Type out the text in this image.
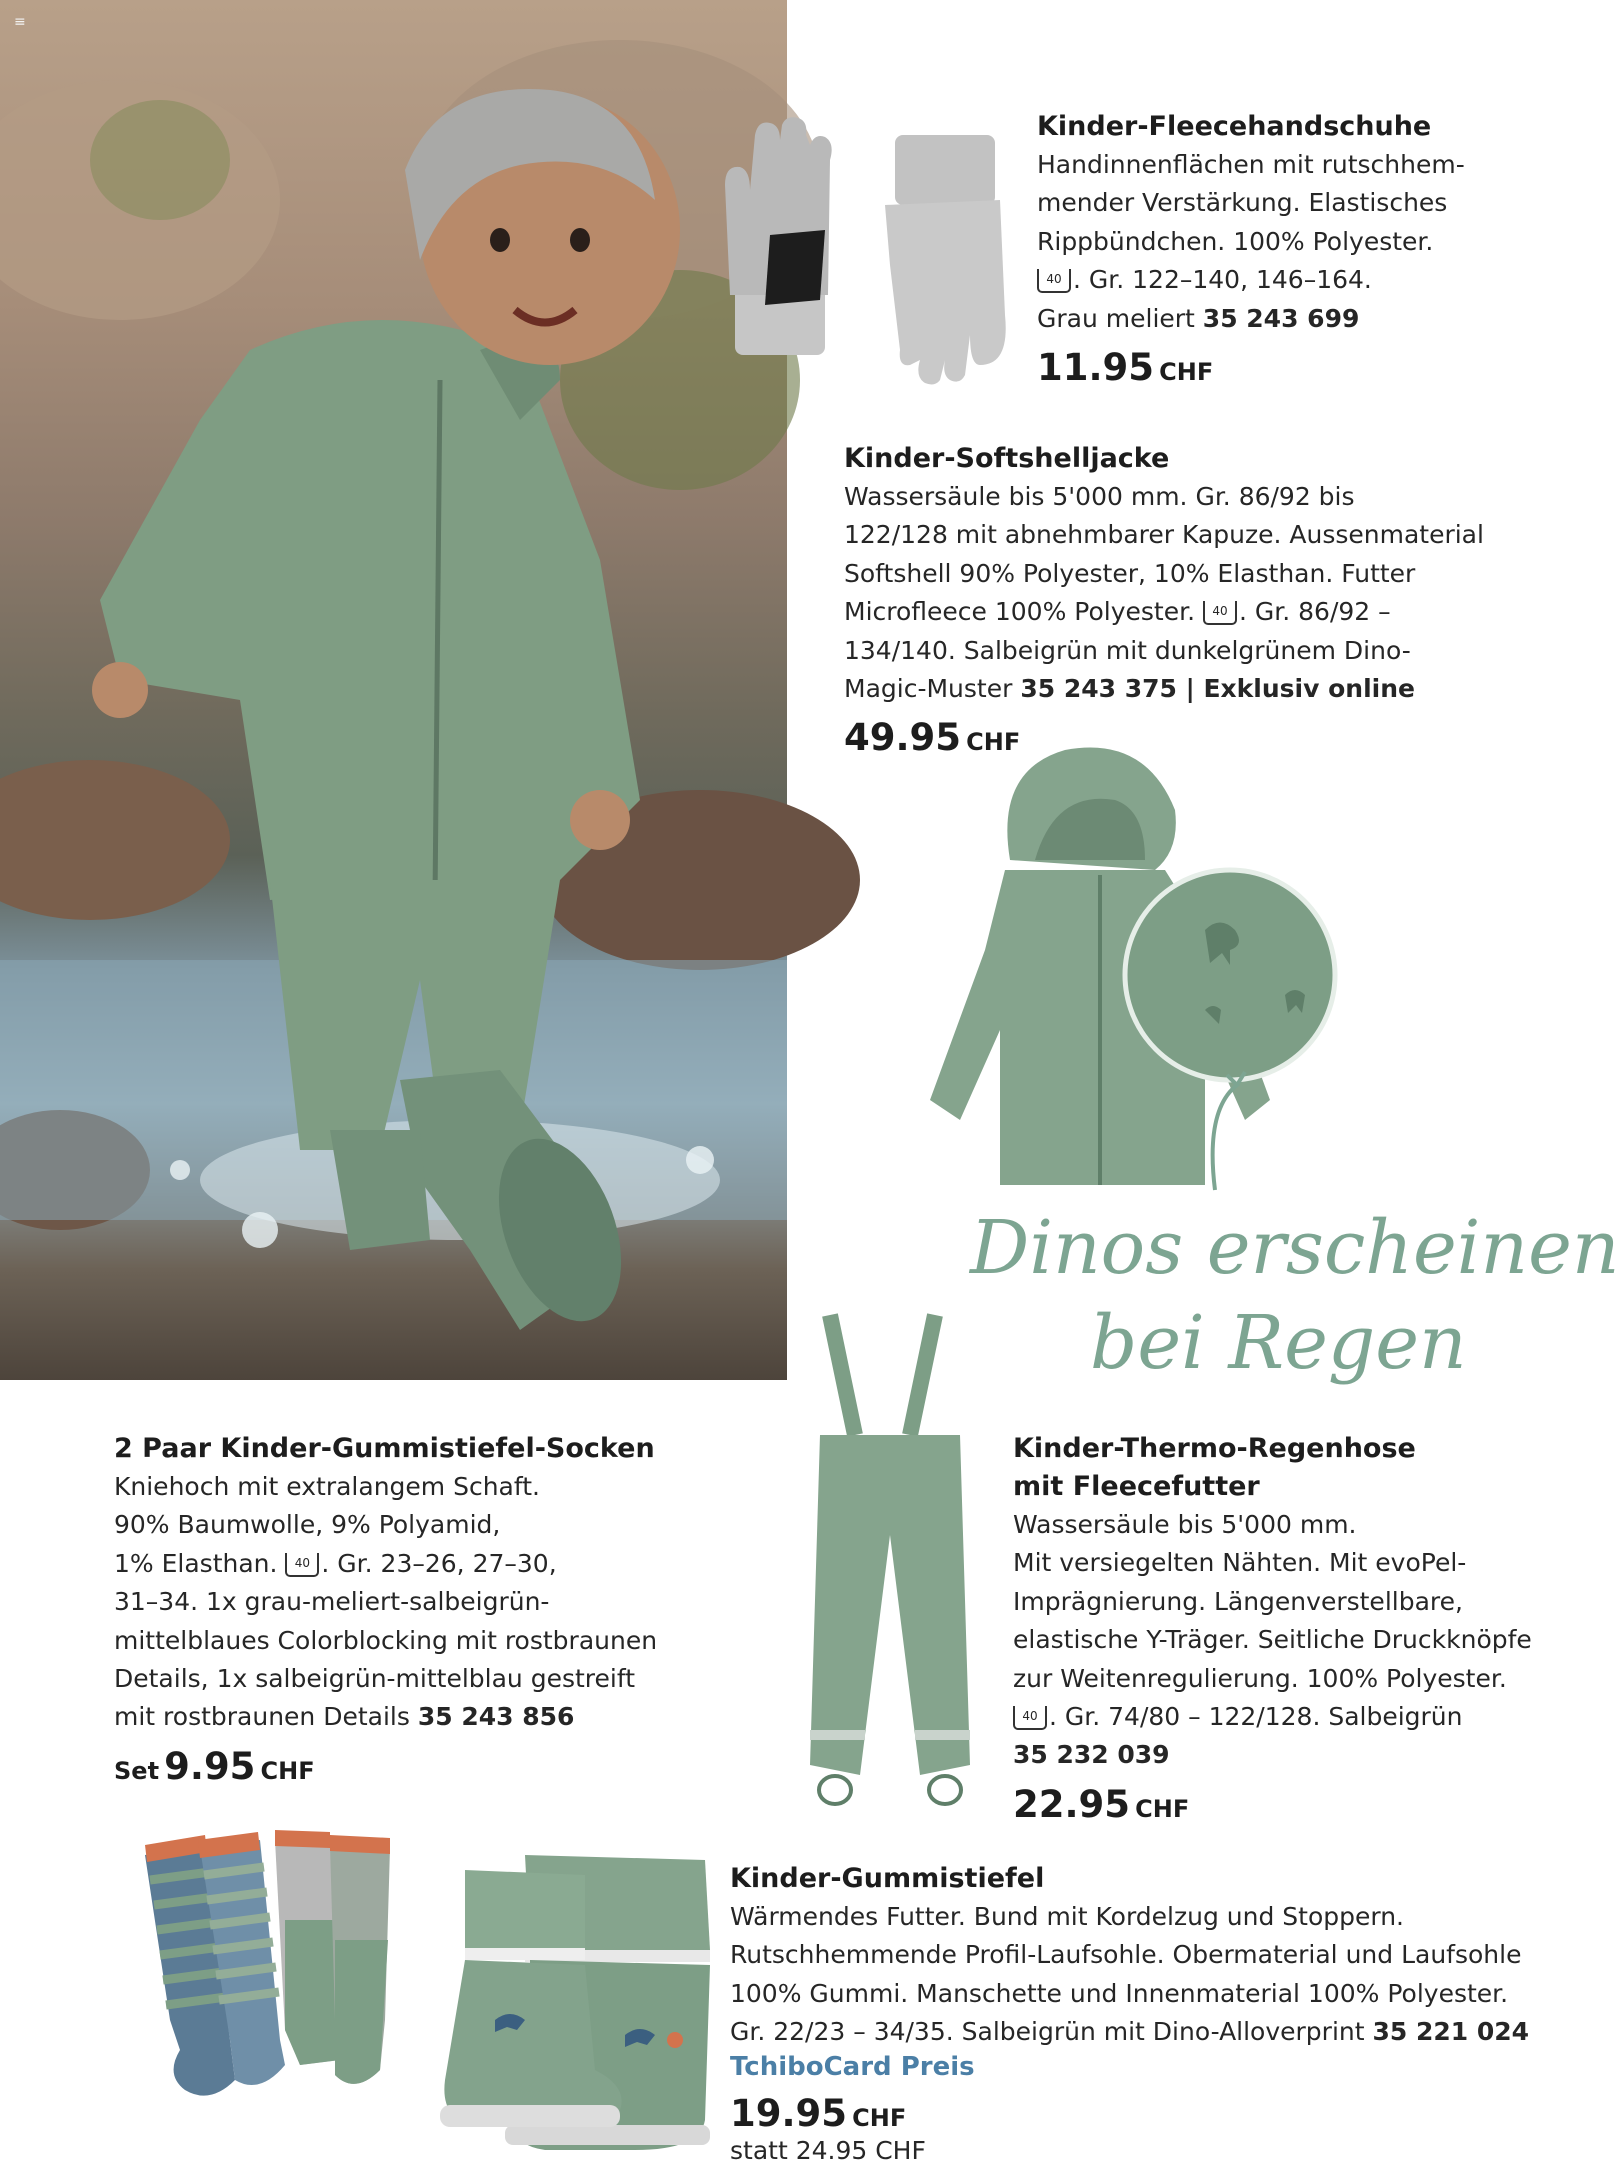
≡
Kinder-Fleecehandschuhe
Handinnenflächen mit rutschhem-
mender Verstärkung. Elastisches
Rippbündchen. 100% Polyester.
40 . Gr. 122–140, 146–164.
Grau meliert 35 243 699
11.95 CHF
Kinder-Softshelljacke
Wassersäule bis 5'000 mm. Gr. 86/92 bis
122/128 mit abnehmbarer Kapuze. Aussenmaterial
Softshell 90% Polyester, 10% Elasthan. Futter
Microfleece 100% Polyester. 40 . Gr. 86/92 –
134/140. Salbeigrün mit dunkelgrünem Dino-
Magic-Muster 35 243 375 | Exklusiv online
49.95 CHF
Dinos erscheinen
bei Regen
2 Paar Kinder-Gummistiefel-Socken
Kniehoch mit extralangem Schaft.
90% Baumwolle, 9% Polyamid,
1% Elasthan. 40 . Gr. 23–26, 27–30,
31–34. 1x grau-meliert-salbeigrün-
mittelblaues Colorblocking mit rostbraunen
Details, 1x salbeigrün-mittelblau gestreift
mit rostbraunen Details 35 243 856
Set 9.95 CHF
Kinder-Thermo-Regenhose
mit Fleecefutter
Wassersäule bis 5'000 mm.
Mit versiegelten Nähten. Mit evoPel-
Imprägnierung. Längenverstellbare,
elastische Y-Träger. Seitliche Druckknöpfe
zur Weitenregulierung. 100% Polyester.
40 . Gr. 74/80 – 122/128. Salbeigrün
35 232 039
22.95 CHF
Kinder-Gummistiefel
Wärmendes Futter. Bund mit Kordelzug und Stoppern.
Rutschhemmende Profil-Laufsohle. Obermaterial und Laufsohle
100% Gummi. Manschette und Innenmaterial 100% Polyester.
Gr. 22/23 – 34/35. Salbeigrün mit Dino-Alloverprint 35 221 024
TchiboCard Preis
19.95 CHF
statt 24.95 CHF
